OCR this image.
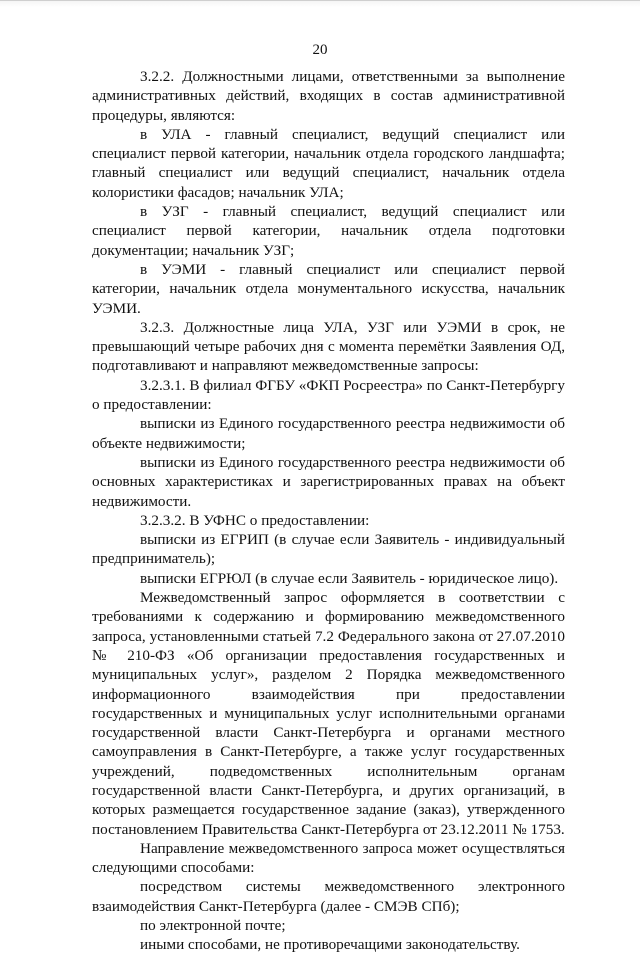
20

3.2.2. Должностными лицами, ответственными за выполнение административных действий, входящих в состав административной процедуры, являются:

в УЛА - главный специалист, ведущий специалист или специалист первой категории, начальник отдела городского ландшафта; главный специалист или ведущий специалист, начальник отдела колористики фасадов; начальник УЛА;

в УЗГ - главный специалист, ведущий специалист или специалист первой категории, начальник отдела подготовки документации; начальник УЗГ;

в УЭМИ - главный специалист или специалист первой категории, начальник отдела монументального искусства, начальник УЭМИ.

3.2.3. Должностные лица УЛА, УЗГ или УЭМИ в срок, не превышающий четыре рабочих дня с момента перемётки Заявления ОД, подготавливают и направляют межведомственные запросы:

3.2.3.1. В филиал ФГБУ «ФКП Росреестра» по Санкт-Петербургу о предоставлении:

выписки из Единого государственного реестра недвижимости об объекте недвижимости;

выписки из Единого государственного реестра недвижимости об основных характеристиках и зарегистрированных правах на объект недвижимости.

3.2.3.2. В УФНС о предоставлении:

выписки из ЕГРИП (в случае если Заявитель - индивидуальный предприниматель);

выписки ЕГРЮЛ (в случае если Заявитель - юридическое лицо).

Межведомственный запрос оформляется в соответствии с требованиями к содержанию и формированию межведомственного запроса, установленными статьей 7.2 Федерального закона от 27.07.2010 № 210-ФЗ «Об организации предоставления государственных и муниципальных услуг», разделом 2 Порядка межведомственного информационного взаимодействия при предоставлении государственных и муниципальных услуг исполнительными органами государственной власти Санкт-Петербурга и органами местного самоуправления в Санкт-Петербурге, а также услуг государственных учреждений, подведомственных исполнительным органам государственной власти Санкт-Петербурга, и других организаций, в которых размещается государственное задание (заказ), утвержденного постановлением Правительства Санкт-Петербурга от 23.12.2011 № 1753.

Направление межведомственного запроса может осуществляться следующими способами:

посредством системы межведомственного электронного взаимодействия Санкт-Петербурга (далее - СМЭВ СПб);

по электронной почте;

иными способами, не противоречащими законодательству.
